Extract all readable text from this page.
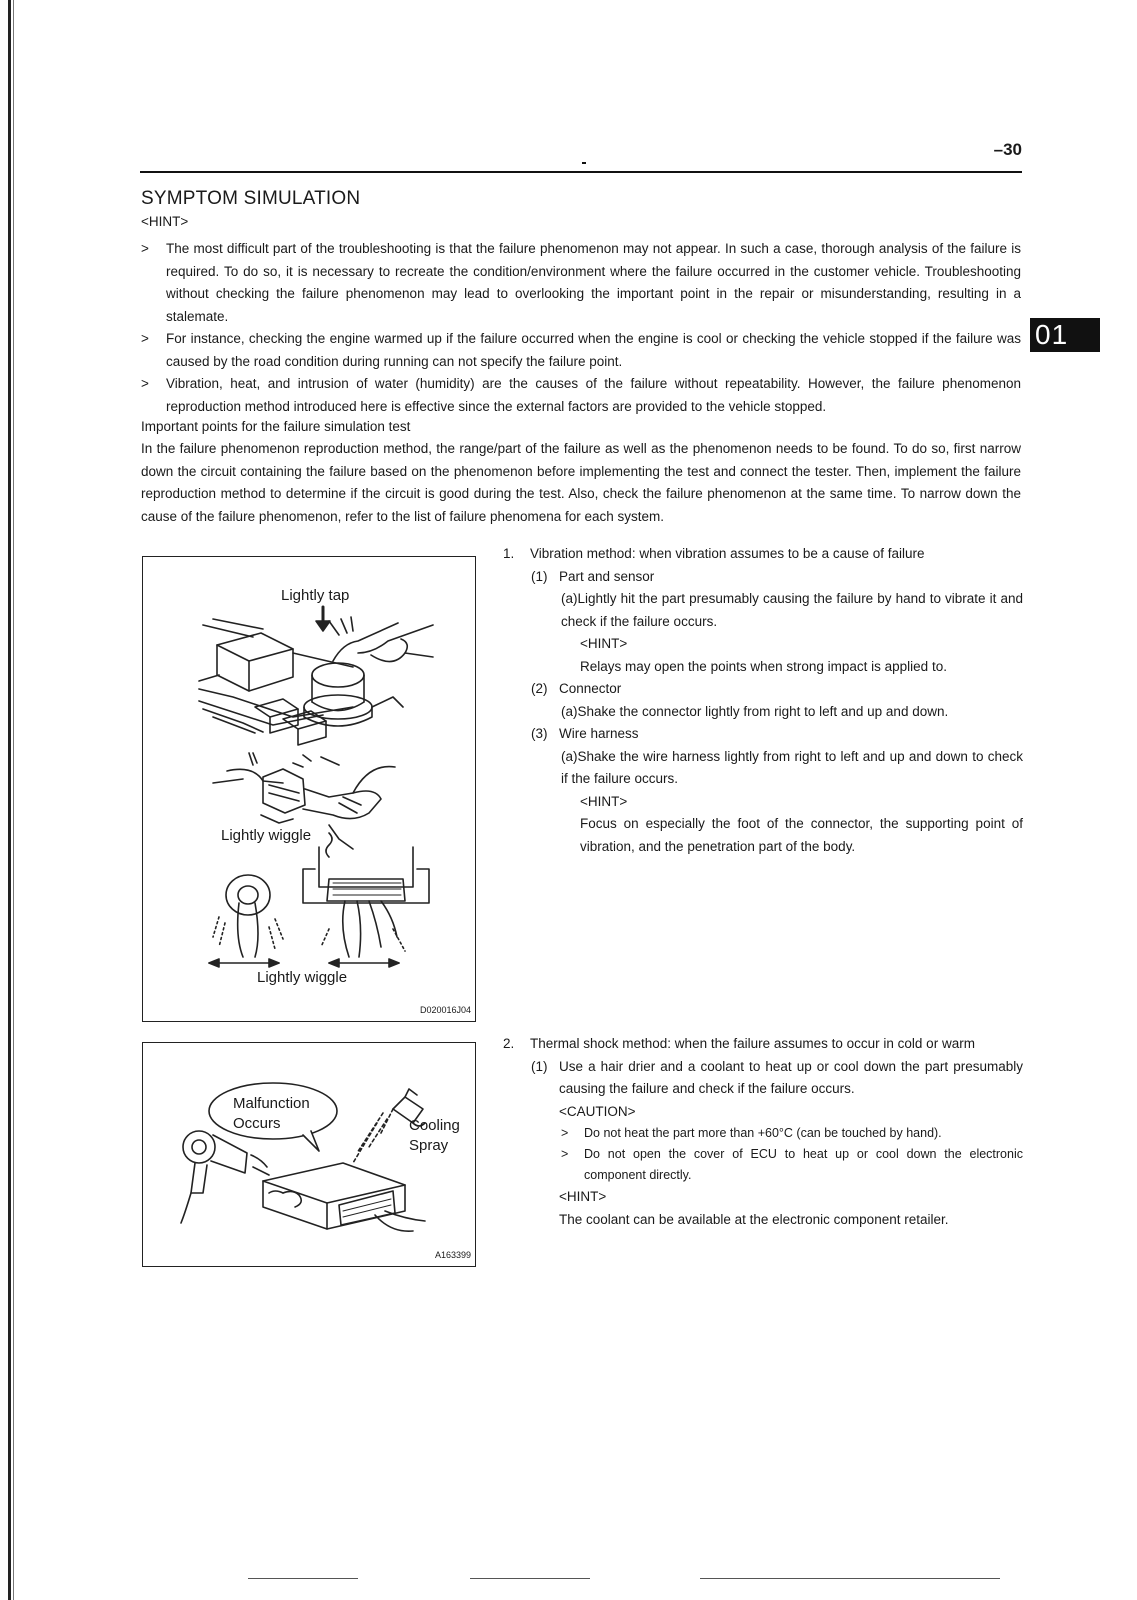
–30
01
SYMPTOM SIMULATION
<HINT>
> The most difficult part of the troubleshooting is that the failure phenomenon may not appear. In such a case, thorough analysis of the failure is required. To do so, it is necessary to recreate the condition/environment where the failure occurred in the customer vehicle. Troubleshooting without checking the failure phenomenon may lead to overlooking the important point in the repair or misunderstanding, resulting in a stalemate.
> For instance, checking the engine warmed up if the failure occurred when the engine is cool or checking the vehicle stopped if the failure was caused by the road condition during running can not specify the failure point.
> Vibration, heat, and intrusion of water (humidity) are the causes of the failure without repeatability. However, the failure phenomenon reproduction method introduced here is effective since the external factors are provided to the vehicle stopped.
Important points for the failure simulation test
In the failure phenomenon reproduction method, the range/part of the failure as well as the phenomenon needs to be found. To do so, first narrow down the circuit containing the failure based on the phenomenon before implementing the test and connect the tester. Then, implement the failure reproduction method to determine if the circuit is good during the test. Also, check the failure phenomenon at the same time. To narrow down the cause of the failure phenomenon, refer to the list of failure phenomena for each system.
Lightly tap
Lightly wiggle
Lightly wiggle
D020016J04
Malfunction
Occurs	Cooling
Spray
A163399
1. Vibration method: when vibration assumes to be a cause of failure
(1) Part and sensor
(a)Lightly hit the part presumably causing the failure by hand to vibrate it and check if the failure occurs.
<HINT>
Relays may open the points when strong impact is applied to.
(2) Connector
(a)Shake the connector lightly from right to left and up and down.
(3) Wire harness
(a)Shake the wire harness lightly from right to left and up and down to check if the failure occurs.
<HINT>
Focus on especially the foot of the connector, the supporting point of vibration, and the penetration part of the body.
2. Thermal shock method: when the failure assumes to occur in cold or warm
(1) Use a hair drier and a coolant to heat up or cool down the part presumably causing the failure and check if the failure occurs.
<CAUTION>
> Do not heat the part more than +60°C (can be touched by hand).
> Do not open the cover of ECU to heat up or cool down the electronic component directly.
<HINT>
The coolant can be available at the electronic component retailer.
